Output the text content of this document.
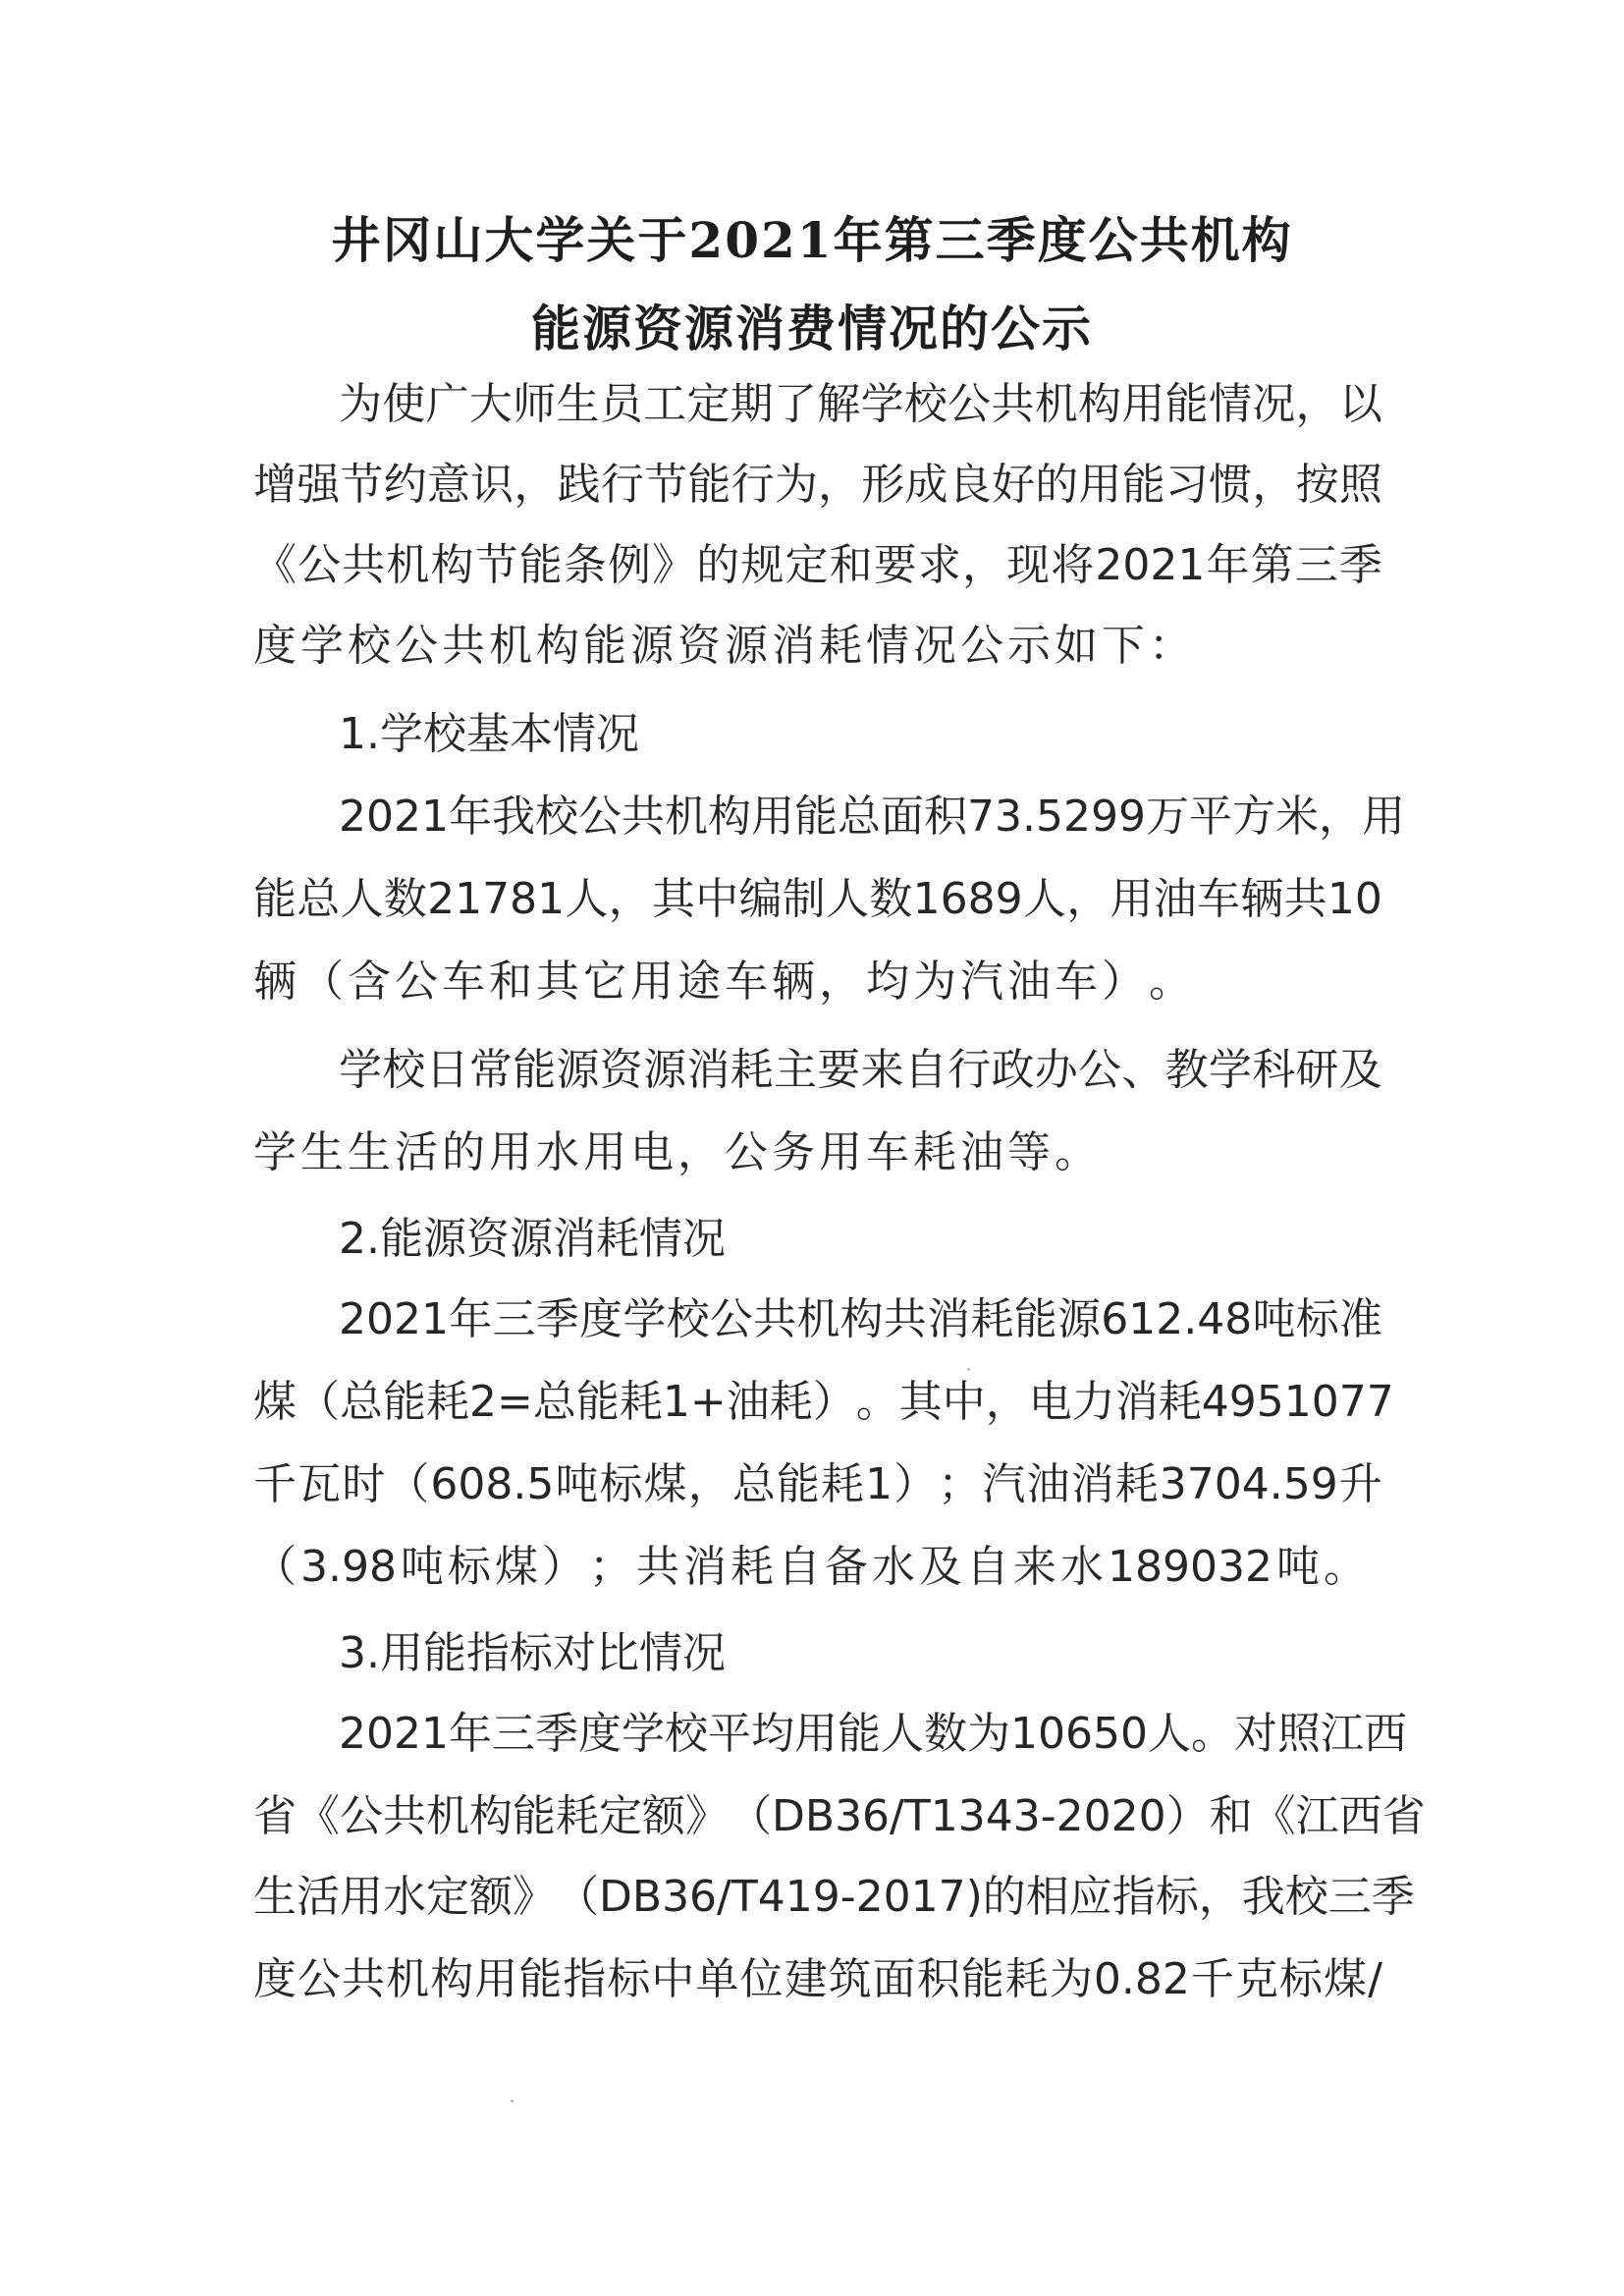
井冈山大学关于2021年第三季度公共机构
能源资源消费情况的公示
为 使 广 大 师 生 员 工 定 期 了 解 学 校 公 共 机 构 用 能 情 况 ， 以
增 强 节 约 意 识 ， 践 行 节 能 行 为 ， 形 成 良 好 的 用 能 习 惯 ， 按 照
《 公 共 机 构 节 能 条 例 》 的 规 定 和 要 求 ， 现 将 2021 年 第 三 季
度 学 校 公 共 机 构 能 源 资 源 消 耗 情 况 公 示 如 下 ：
1.学校基本情况
2021 年 我 校 公 共 机 构 用 能 总 面 积 73.5299 万 平 方 米 ， 用
能 总 人 数 21781 人 ， 其 中 编 制 人 数 1689 人 ， 用 油 车 辆 共 10
辆 （ 含 公 车 和 其 它 用 途 车 辆 ， 均 为 汽 油 车 ） 。
学 校 日 常 能 源 资 源 消 耗 主 要 来 自 行 政 办 公 、 教 学 科 研 及
学 生 生 活 的 用 水 用 电 ， 公 务 用 车 耗 油 等 。
2.能源资源消耗情况
2021 年 三 季 度 学 校 公 共 机 构 共 消 耗 能 源 612.48 吨 标 准
煤 （ 总 能 耗 2= 总 能 耗 1+ 油 耗 ） 。 其 中 ， 电 力 消 耗 4951077
千 瓦 时 （ 608.5 吨 标 煤 ， 总 能 耗 1 ） ； 汽 油 消 耗 3704.59 升
（ 3.98 吨 标 煤 ） ； 共 消 耗 自 备 水 及 自 来 水 189032 吨 。
3.用能指标对比情况
2021 年 三 季 度 学 校 平 均 用 能 人 数 为 10650 人 。 对 照 江 西
省 《 公 共 机 构 能 耗 定 额 》 （ DB36/T 1343-2020 ） 和 《 江 西 省
生 活 用 水 定 额 》 （ DB36/T 419-2017 ) 的 相 应 指 标 ， 我 校 三 季
度 公 共 机 构 用 能 指 标 中 单 位 建 筑 面 积 能 耗 为 0.82 千 克 标 煤 /
